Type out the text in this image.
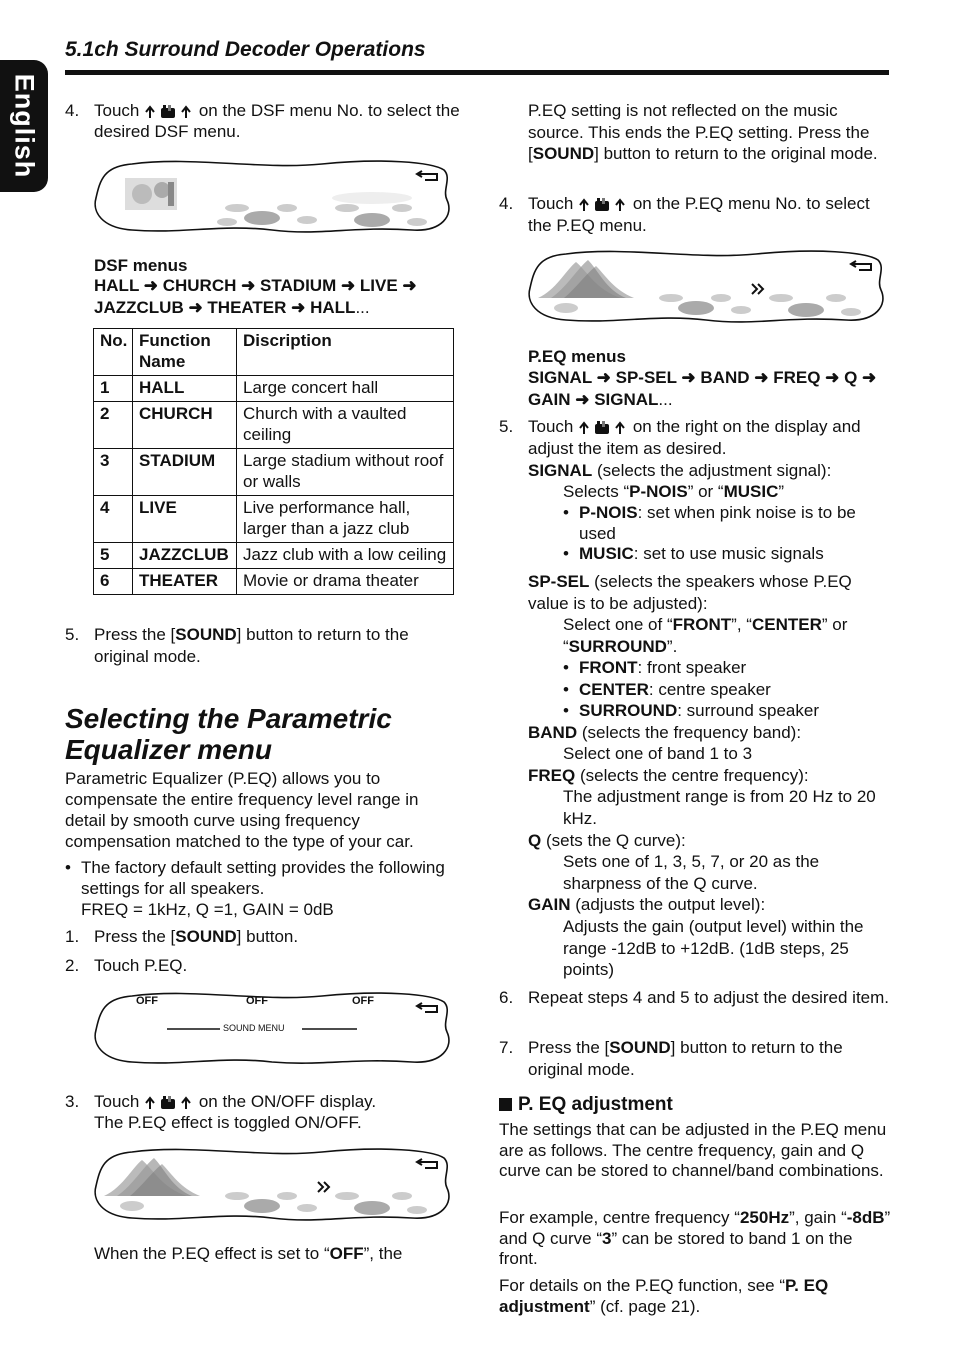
English
5.1ch Surround Decoder Operations
4. Touch	on the DSF menu No. to select the desired DSF menu.
DSF menus
HALL ➜ CHURCH ➜ STADIUM ➜ LIVE ➜ JAZZCLUB ➜ THEATER ➜ HALL...
No.	Function Name	Discription
1	HALL	Large concert hall
2	CHURCH	Church with a vaulted ceiling
3	STADIUM	Large stadium without roof or walls
4	LIVE	Live performance hall, larger than a jazz club
5	JAZZCLUB	Jazz club with a low ceiling
6	THEATER	Movie or drama theater
5. Press the [SOUND] button to return to the original mode.
Selecting the Parametric Equalizer menu
Parametric Equalizer (P.EQ) allows you to compensate the entire frequency level range in detail by smooth curve using frequency compensation matched to the type of your car.
• The factory default setting provides the following settings for all speakers.
FREQ = 1kHz, Q =1, GAIN = 0dB
1. Press the [SOUND] button.
2. Touch P.EQ.
OFF	OFF	OFF
SOUND MENU
3. Touch	on the ON/OFF display.
The P.EQ effect is toggled ON/OFF.
When the P.EQ effect is set to “OFF”, the
P.EQ setting is not reflected on the music source. This ends the P.EQ setting. Press the [SOUND] button to return to the original mode.
4. Touch	on the P.EQ menu No. to select the P.EQ menu.
P.EQ menus
SIGNAL ➜ SP-SEL ➜ BAND ➜ FREQ ➜ Q ➜ GAIN ➜ SIGNAL...
5. Touch	on the right on the display and adjust the item as desired.
SIGNAL (selects the adjustment signal):
Selects “P-NOIS” or “MUSIC”
• P-NOIS: set when pink noise is to be used
• MUSIC: set to use music signals
SP-SEL (selects the speakers whose P.EQ value is to be adjusted):
Select one of “FRONT”, “CENTER” or “SURROUND”.
• FRONT: front speaker
• CENTER: centre speaker
• SURROUND: surround speaker
BAND (selects the frequency band):
Select one of band 1 to 3
FREQ (selects the centre frequency):
The adjustment range is from 20 Hz to 20 kHz.
Q (sets the Q curve):
Sets one of 1, 3, 5, 7, or 20 as the sharpness of the Q curve.
GAIN (adjusts the output level):
Adjusts the gain (output level) within the range -12dB to +12dB. (1dB steps, 25 points)
6. Repeat steps 4 and 5 to adjust the desired item.
7. Press the [SOUND] button to return to the original mode.
P. EQ adjustment
The settings that can be adjusted in the P.EQ menu are as follows. The centre frequency, gain and Q curve can be stored to channel/band combinations.
For example, centre frequency “250Hz”, gain “-8dB” and Q curve “3” can be stored to band 1 on the front.
For details on the P.EQ function, see “P. EQ adjustment” (cf. page 21).
